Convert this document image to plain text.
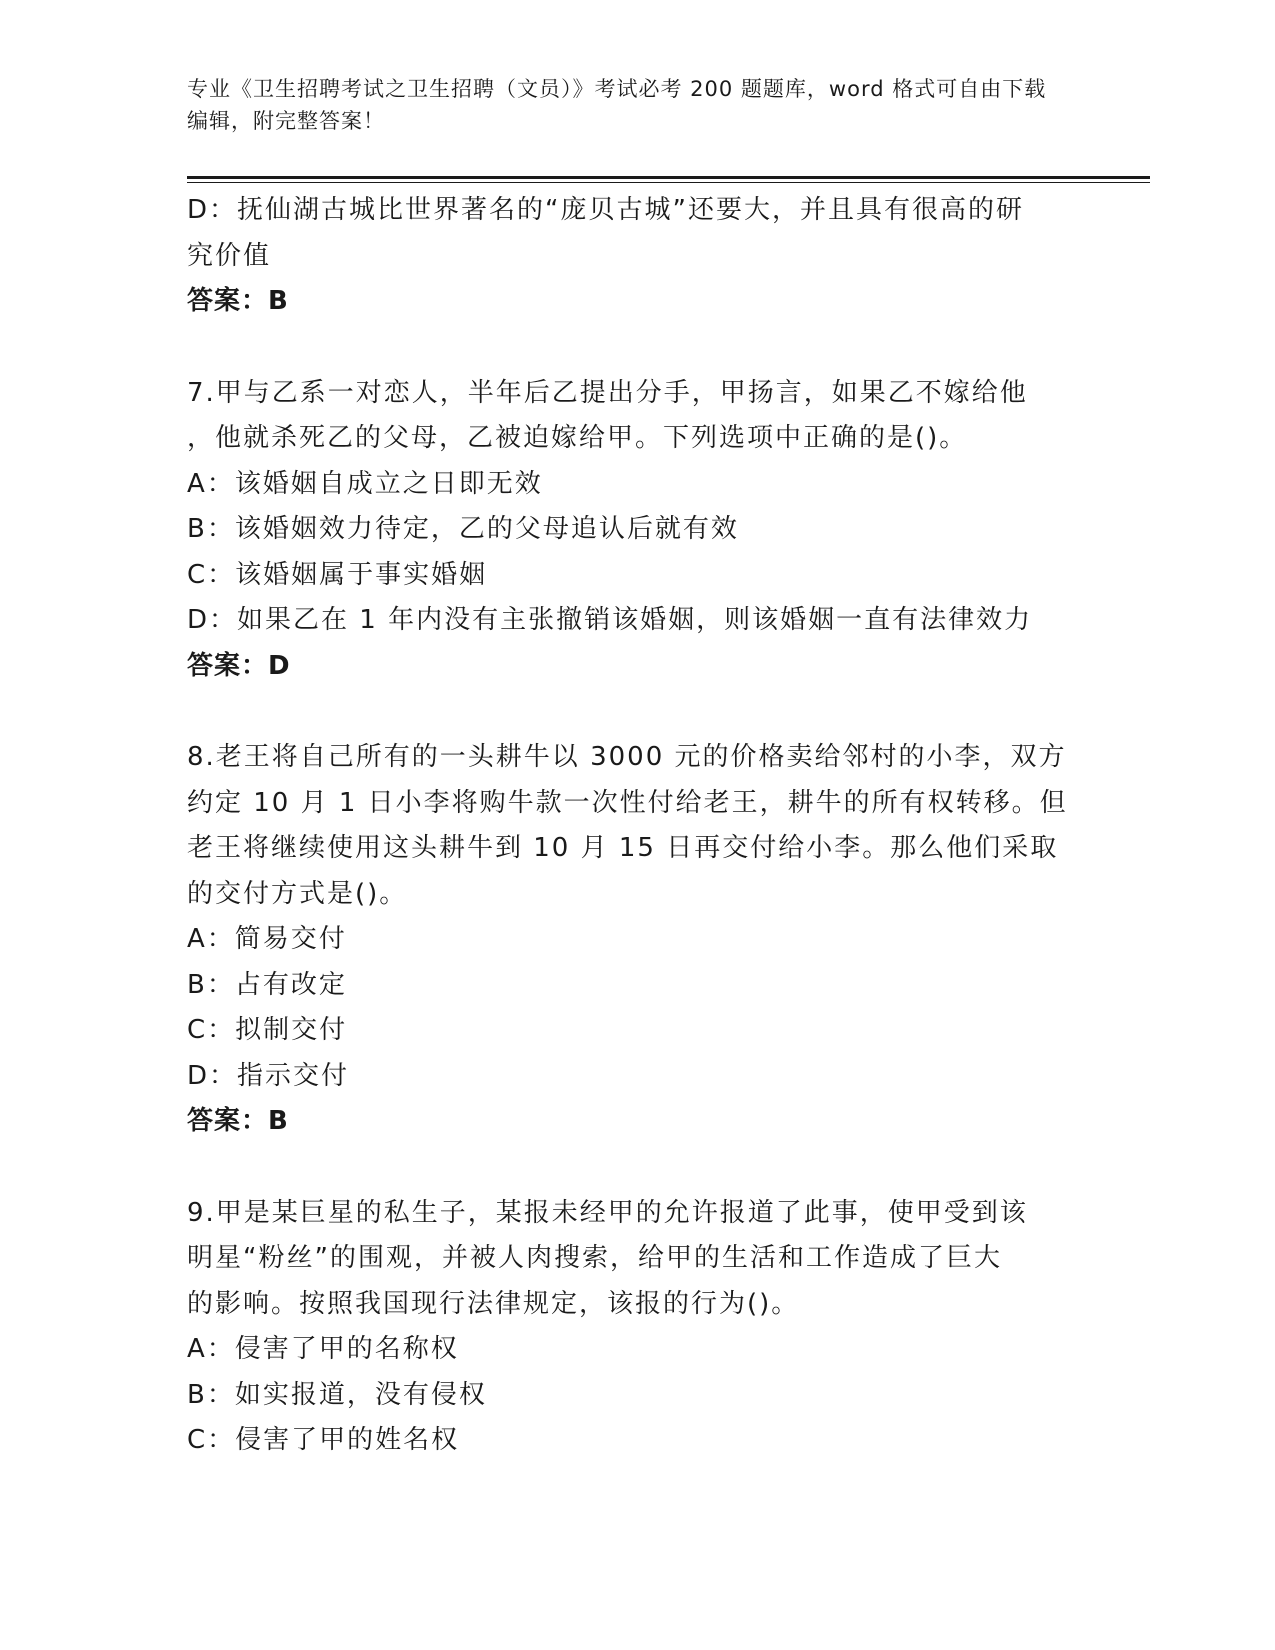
专业《卫生招聘考试之卫生招聘（文员）》考试必考 200 题题库，word 格式可自由下载编辑，附完整答案！

D：抚仙湖古城比世界著名的“庞贝古城”还要大，并且具有很高的研

究价值

答案：B

7.甲与乙系一对恋人，半年后乙提出分手，甲扬言，如果乙不嫁给他

，他就杀死乙的父母，乙被迫嫁给甲。下列选项中正确的是()。

A：该婚姻自成立之日即无效

B：该婚姻效力待定，乙的父母追认后就有效

C：该婚姻属于事实婚姻

D：如果乙在 1 年内没有主张撤销该婚姻，则该婚姻一直有法律效力

答案：D

8.老王将自己所有的一头耕牛以 3000 元的价格卖给邻村的小李，双方

约定 10 月 1 日小李将购牛款一次性付给老王，耕牛的所有权转移。但

老王将继续使用这头耕牛到 10 月 15 日再交付给小李。那么他们采取

的交付方式是()。

A：简易交付

B：占有改定

C：拟制交付

D：指示交付

答案：B

9.甲是某巨星的私生子，某报未经甲的允许报道了此事，使甲受到该

明星“粉丝”的围观，并被人肉搜索，给甲的生活和工作造成了巨大

的影响。按照我国现行法律规定，该报的行为()。

A：侵害了甲的名称权

B：如实报道，没有侵权

C：侵害了甲的姓名权
